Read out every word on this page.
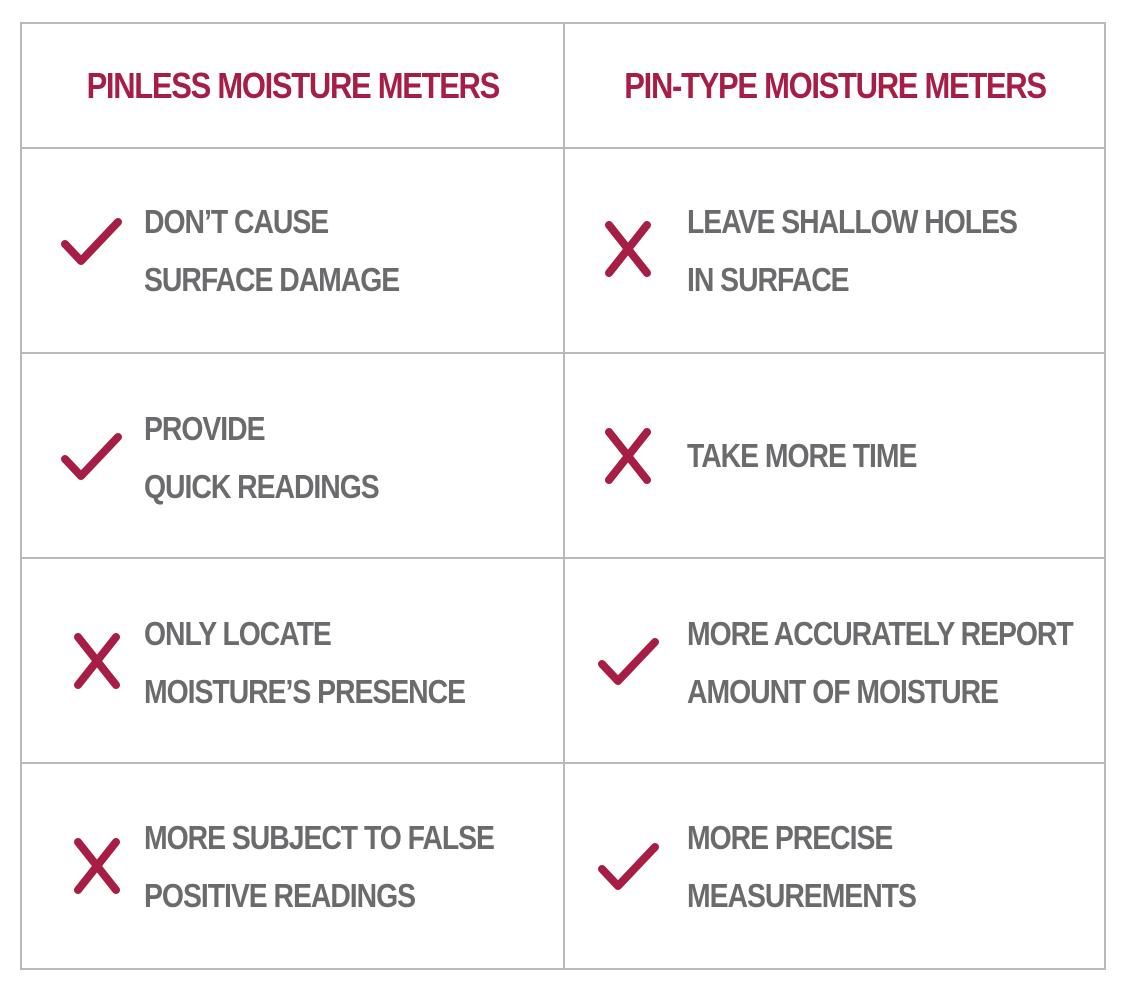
PINLESS MOISTURE METERS	PIN-TYPE MOISTURE METERS
DON’T CAUSE
SURFACE DAMAGE
LEAVE SHALLOW HOLES
IN SURFACE
PROVIDE
QUICK READINGS
TAKE MORE TIME
ONLY LOCATE
MOISTURE’S PRESENCE
MORE ACCURATELY REPORT
AMOUNT OF MOISTURE
MORE SUBJECT TO FALSE
POSITIVE READINGS
MORE PRECISE
MEASUREMENTS
